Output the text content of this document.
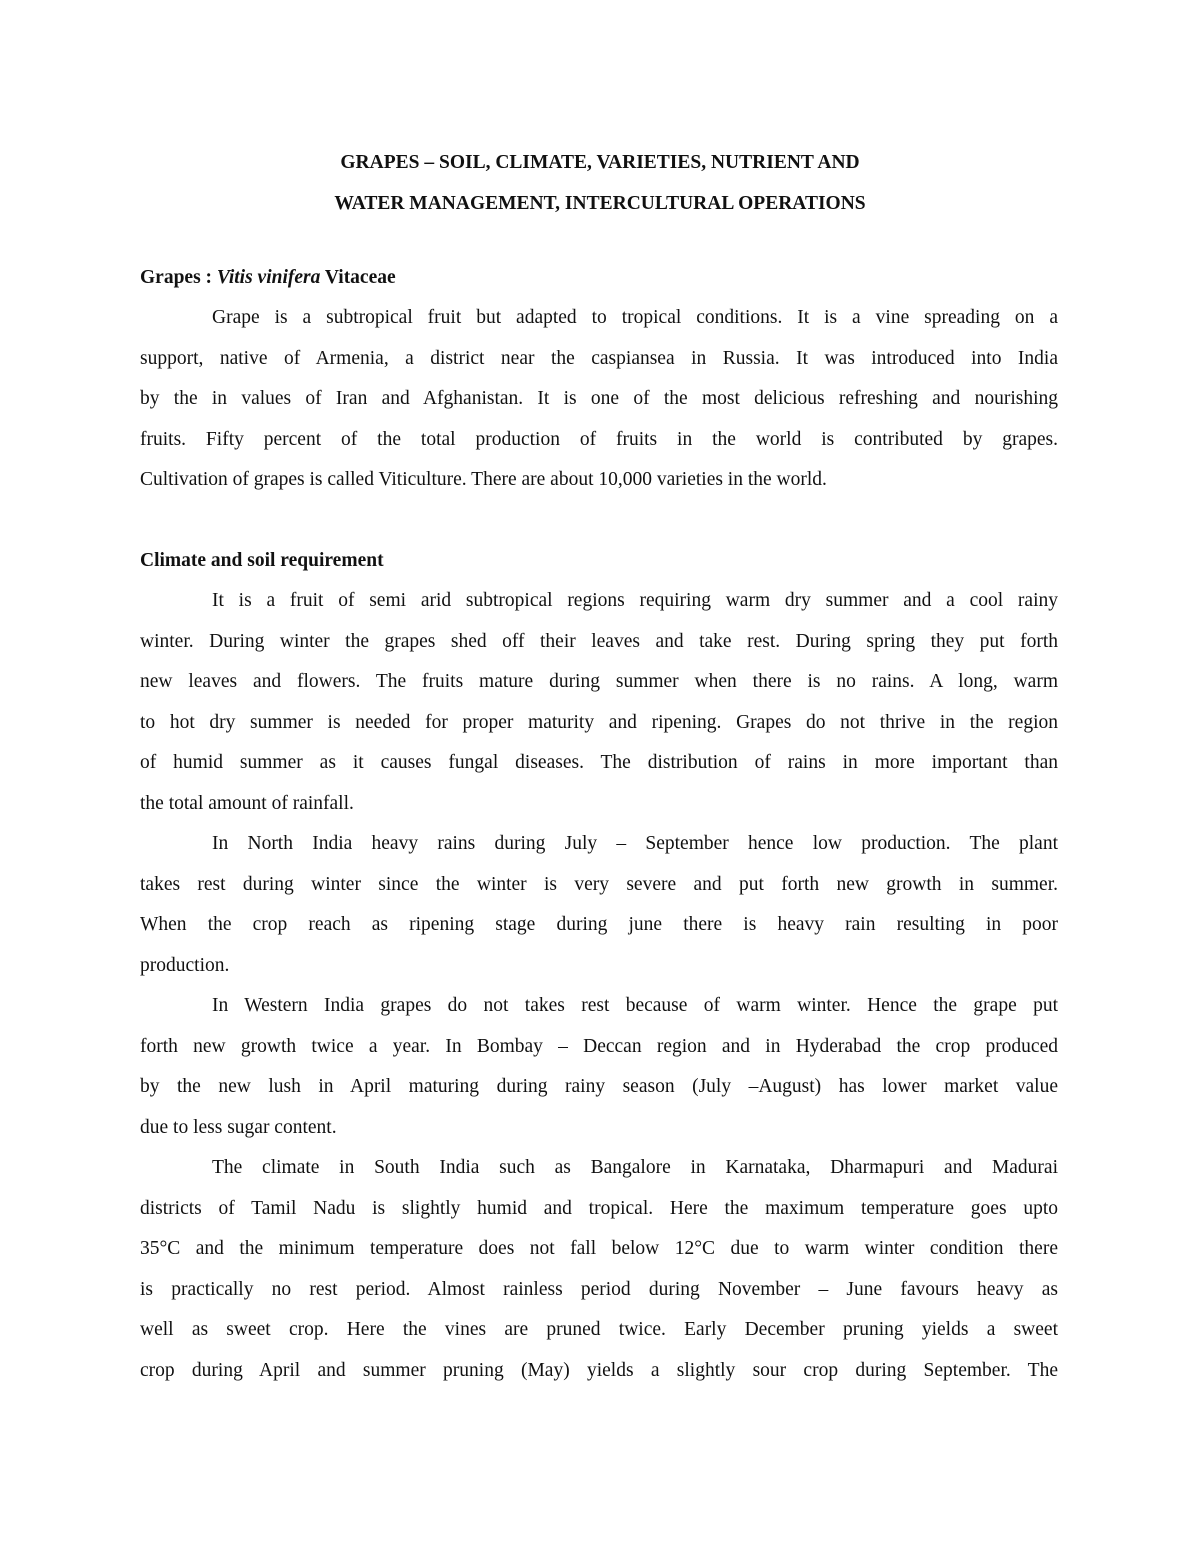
GRAPES – SOIL, CLIMATE, VARIETIES, NUTRIENT AND
WATER MANAGEMENT, INTERCULTURAL OPERATIONS
Grapes : Vitis vinifera Vitaceae
Grape is a subtropical fruit but adapted to tropical conditions. It is a vine spreading on a
support, native of Armenia, a district near the caspiansea in Russia. It was introduced into India
by the in values of Iran and Afghanistan. It is one of the most delicious refreshing and nourishing
fruits. Fifty percent of the total production of fruits in the world is contributed by grapes.
Cultivation of grapes is called Viticulture. There are about 10,000 varieties in the world.
Climate and soil requirement
It is a fruit of semi arid subtropical regions requiring warm dry summer and a cool rainy
winter. During winter the grapes shed off their leaves and take rest. During spring they put forth
new leaves and flowers. The fruits mature during summer when there is no rains. A long, warm
to hot dry summer is needed for proper maturity and ripening. Grapes do not thrive in the region
of humid summer as it causes fungal diseases. The distribution of rains in more important than
the total amount of rainfall.
In North India heavy rains during July – September hence low production. The plant
takes rest during winter since the winter is very severe and put forth new growth in summer.
When the crop reach as ripening stage during june there is heavy rain resulting in poor
production.
In Western India grapes do not takes rest because of warm winter. Hence the grape put
forth new growth twice a year. In Bombay – Deccan region and in Hyderabad the crop produced
by the new lush in April maturing during rainy season (July –August) has lower market value
due to less sugar content.
The climate in South India such as Bangalore in Karnataka, Dharmapuri and Madurai
districts of Tamil Nadu is slightly humid and tropical. Here the maximum temperature goes upto
35°C and the minimum temperature does not fall below 12°C due to warm winter condition there
is practically no rest period. Almost rainless period during November – June favours heavy as
well as sweet crop. Here the vines are pruned twice. Early December pruning yields a sweet
crop during April and summer pruning (May) yields a slightly sour crop during September. The
